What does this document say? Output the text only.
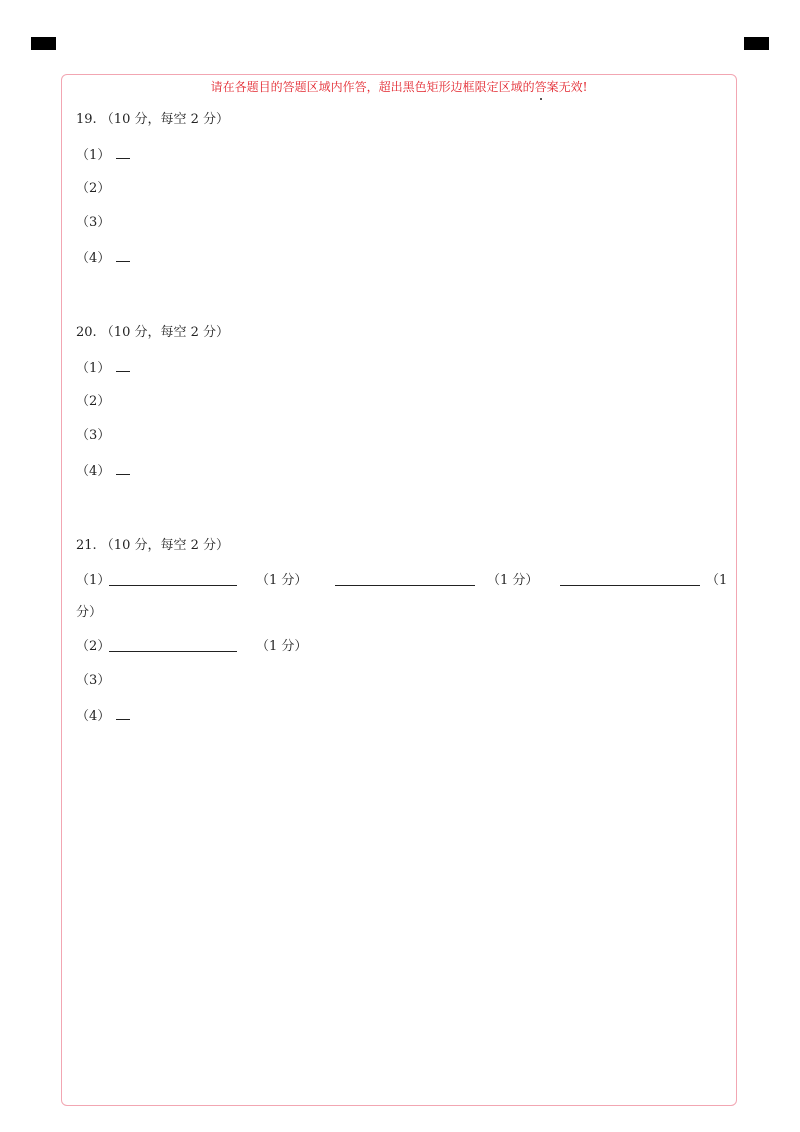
请在各题目的答题区域内作答，超出黑色矩形边框限定区域的答案无效!
19. （10 分，每空 2 分）
（1）
（2）
（3）
（4）
20. （10 分，每空 2 分）
（1）
（2）
（3）
（4）
21. （10 分，每空 2 分）
（1）	（1 分）	（1 分）	（1
分）
（2）	（1 分）
（3）
（4）
